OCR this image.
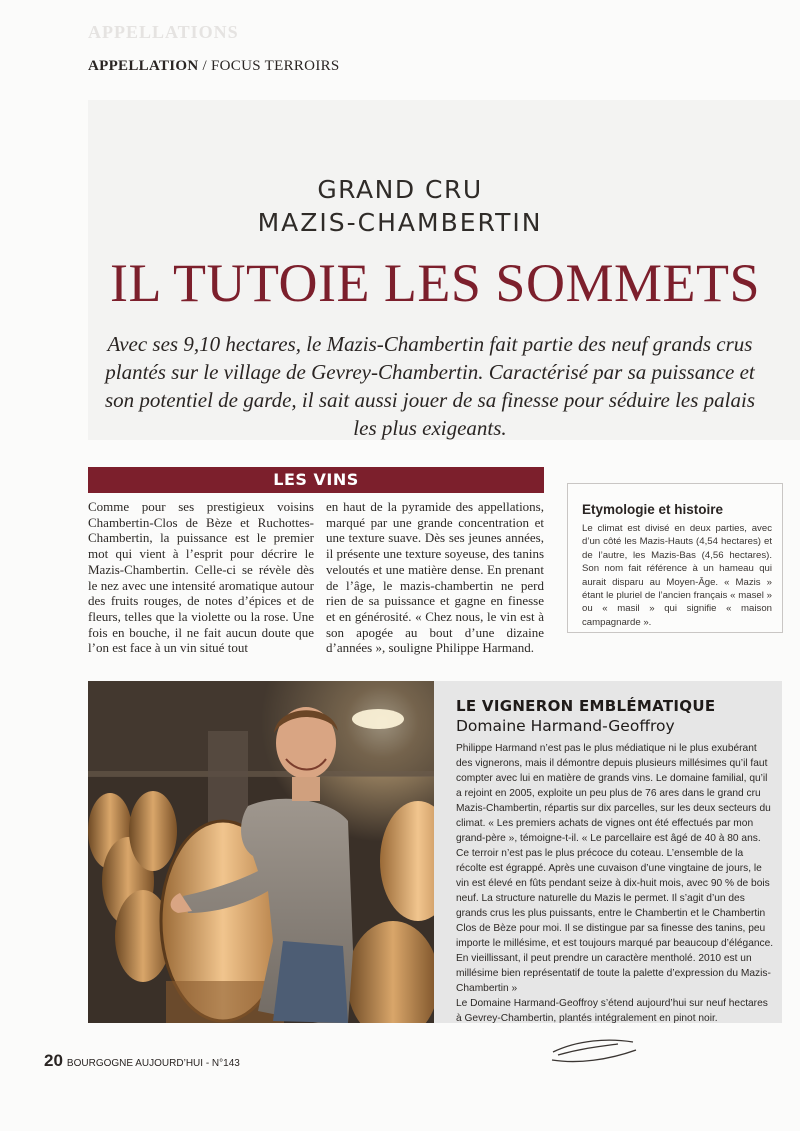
APPELLATIONS
APPELLATION / FOCUS TERROIRS
GRAND CRU
MAZIS-CHAMBERTIN
IL TUTOIE LES SOMMETS
Avec ses 9,10 hectares, le Mazis-Chambertin fait partie des neuf grands crus plantés sur le village de Gevrey-Chambertin. Caractérisé par sa puissance et son potentiel de garde, il sait aussi jouer de sa finesse pour séduire les palais les plus exigeants.
LES VINS
Comme pour ses prestigieux voisins Chambertin-Clos de Bèze et Ruchottes-Chambertin, la puissance est le premier mot qui vient à l’esprit pour décrire le Mazis-Chambertin. Celle-ci se révèle dès le nez avec une intensité aromatique autour des fruits rouges, de notes d’épices et de fleurs, telles que la violette ou la rose. Une fois en bouche, il ne fait aucun doute que l’on est face à un vin situé tout
en haut de la pyramide des appellations, marqué par une grande concentration et une texture suave. Dès ses jeunes années, il présente une texture soyeuse, des tanins veloutés et une matière dense. En prenant de l’âge, le mazis-chambertin ne perd rien de sa puissance et gagne en finesse et en générosité. « Chez nous, le vin est à son apogée au bout d’une dizaine d’années », souligne Philippe Harmand.
Etymologie et histoire
Le climat est divisé en deux parties, avec d’un côté les Mazis-Hauts (4,54 hectares) et de l’autre, les Mazis-Bas (4,56 hectares). Son nom fait référence à un hameau qui aurait disparu au Moyen-Âge. « Mazis » étant le pluriel de l’ancien français « masel » ou « masil » qui signifie « maison campagnarde ».
LE VIGNERON EMBLÉMATIQUE
Domaine Harmand-Geoffroy

Philippe Harmand n’est pas le plus médiatique ni le plus exubérant des vignerons, mais il démontre depuis plusieurs millésimes qu’il faut compter avec lui en matière de grands vins. Le domaine familial, qu’il a rejoint en 2005, exploite un peu plus de 76 ares dans le grand cru Mazis-Chambertin, répartis sur dix parcelles, sur les deux secteurs du climat. « Les premiers achats de vignes ont été effectués par mon grand-père », témoigne-t-il. « Le parcellaire est âgé de 40 à 80 ans. Ce terroir n’est pas le plus précoce du coteau. L’ensemble de la récolte est égrappé. Après une cuvaison d’une vingtaine de jours, le vin est élevé en fûts pendant seize à dix-huit mois, avec 90 % de bois neuf. La structure naturelle du Mazis le permet. Il s’agit d’un des grands crus les plus puissants, entre le Chambertin et le Chambertin Clos de Bèze pour moi. Il se distingue par sa finesse des tanins, peu importe le millésime, et est toujours marqué par beaucoup d’élégance. En vieillissant, il peut prendre un caractère mentholé. 2010 est un millésime bien représentatif de toute la palette d’expression du Mazis-Chambertin »

Le Domaine Harmand-Geoffroy s’étend aujourd’hui sur neuf hectares à Gevrey-Chambertin, plantés intégralement en pinot noir.

20 BOURGOGNE AUJOURD’HUI - N°143
